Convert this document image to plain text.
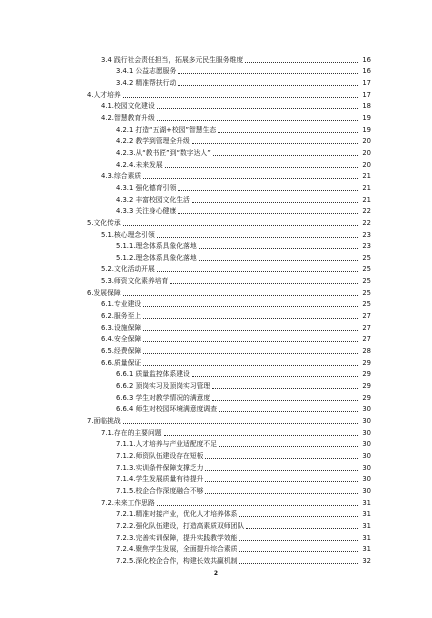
3.4 践行社会责任担当，拓展多元民生服务维度	16
3.4.1 公益志愿服务	16
3.4.2 精准帮扶行动	17
4.人才培养	17
4.1.校园文化建设	18
4.2.智慧教育升级	19
4.2.1 打造“五湖+校园”智慧生态	19
4.2.2 教学到管理全升级	20
4.2.3.从“教书匠”到“数字达人”	20
4.2.4.未来发展	20
4.3.综合素质	21
4.3.1 强化德育引领	21
4.3.2 丰富校园文化生活	21
4.3.3 关注身心健康	22
5.文化传承	22
5.1.核心理念引领	23
5.1.1.理念体系具象化落地	23
5.1.2.理念体系具象化落地	25
5.2.文化活动开展	25
5.3.师资文化素养培育	25
6.发展保障	25
6.1.专业建设	25
6.2.服务至上	27
6.3.设施保障	27
6.4.安全保障	27
6.5.经费保障	28
6.6.质量保证	29
6.6.1 质量监控体系建设	29
6.6.2 顶岗实习及顶岗实习管理	29
6.6.3 学生对教学情况的满意度	29
6.6.4 师生对校园环境满意度调查	30
7.面临挑战	30
7.1.存在的主要问题	30
7.1.1.人才培养与产业适配度不足	30
7.1.2.师资队伍建设存在短板	30
7.1.3.实训条件保障支撑乏力	30
7.1.4.学生发展质量有待提升	30
7.1.5.校企合作深度融合不够	30
7.2.未来工作思路	31
7.2.1.精准对接产业，优化人才培养体系	31
7.2.2.强化队伍建设，打造高素质双师团队	31
7.2.3.完善实训保障，提升实践教学效能	31
7.2.4.聚焦学生发展，全面提升综合素质	31
7.2.5.深化校企合作，构建长效共赢机制	32
2
